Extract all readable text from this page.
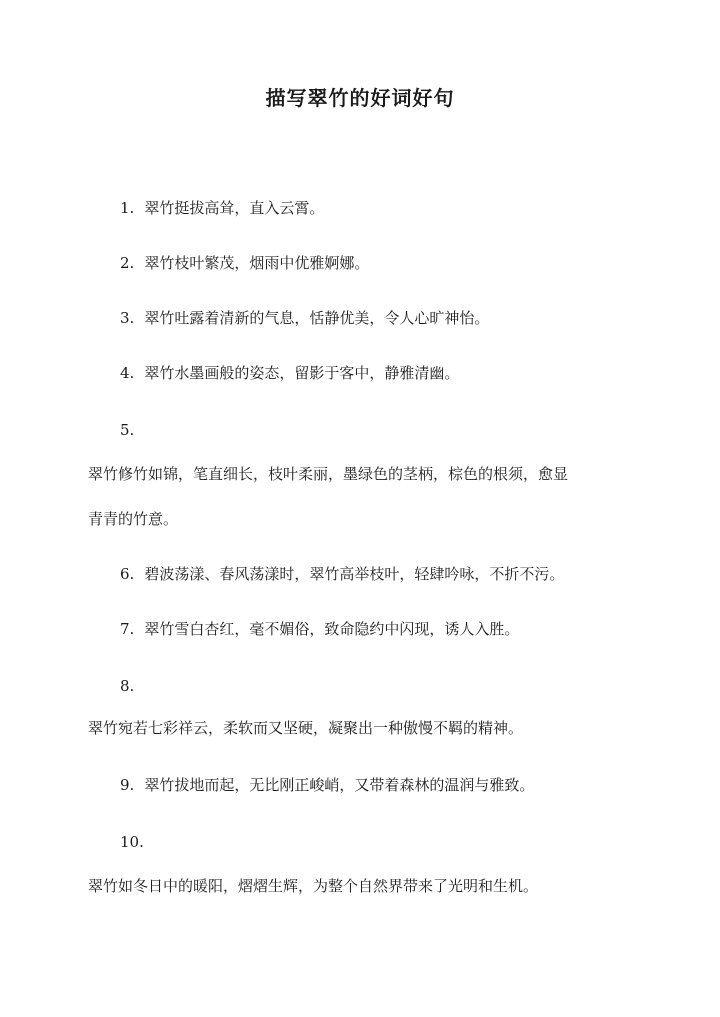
描写翠竹的好词好句
1. 翠竹挺拔高耸，直入云霄。
2. 翠竹枝叶繁茂，烟雨中优雅婀娜。
3. 翠竹吐露着清新的气息，恬静优美，令人心旷神怡。
4. 翠竹水墨画般的姿态，留影于客中，静雅清幽。
5.
翠竹修竹如锦，笔直细长，枝叶柔丽，墨绿色的茎柄，棕色的根须，愈显
青青的竹意。
6. 碧波荡漾、春风荡漾时，翠竹高举枝叶，轻肆吟咏，不折不污。
7. 翠竹雪白杏红，毫不媚俗，致命隐约中闪现，诱人入胜。
8.
翠竹宛若七彩祥云，柔软而又坚硬，凝聚出一种傲慢不羁的精神。
9. 翠竹拔地而起，无比刚正峻峭，又带着森林的温润与雅致。
10.
翠竹如冬日中的暖阳，熠熠生辉，为整个自然界带来了光明和生机。
